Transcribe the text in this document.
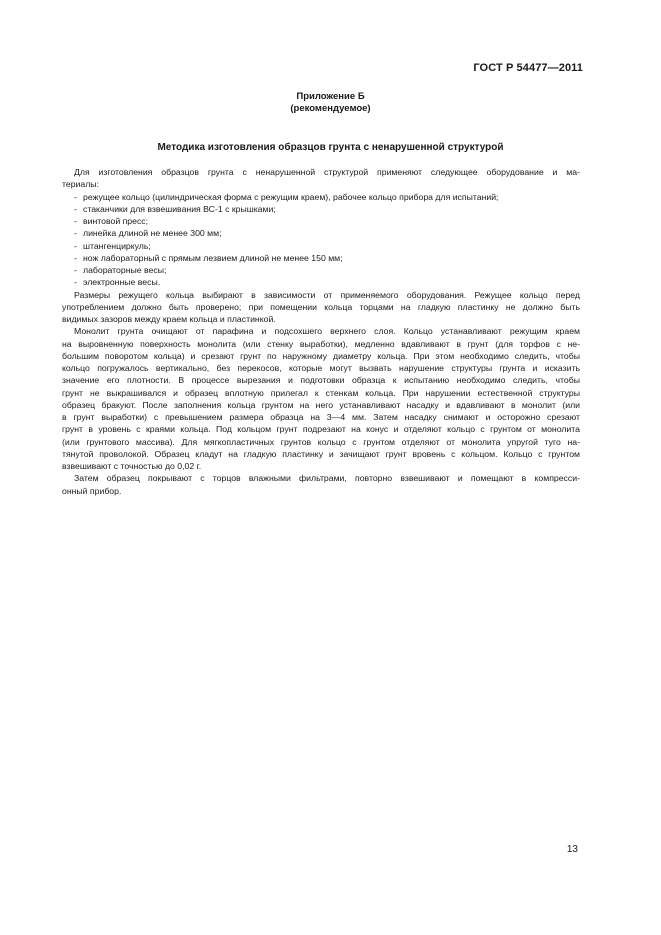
ГОСТ Р 54477—2011
Приложение Б
(рекомендуемое)
Методика изготовления образцов грунта с ненарушенной структурой
Для изготовления образцов грунта с ненарушенной структурой применяют следующее оборудование и ма-
териалы:
- режущее кольцо (цилиндрическая форма с режущим краем), рабочее кольцо прибора для испытаний;
- стаканчики для взвешивания ВС-1 с крышками;
- винтовой пресс;
- линейка длиной не менее 300 мм;
- штангенциркуль;
- нож лабораторный с прямым лезвием длиной не менее 150 мм;
- лабораторные весы;
- электронные весы.
Размеры режущего кольца выбирают в зависимости от применяемого оборудования. Режущее кольцо перед
употреблением должно быть проверено; при помещении кольца торцами на гладкую пластинку не должно быть
видимых зазоров между краем кольца и пластинкой.
Монолит грунта очищают от парафина и подсохшего верхнего слоя. Кольцо устанавливают режущим краем
на выровненную поверхность монолита (или стенку выработки), медленно вдавливают в грунт (для торфов с не-
большим поворотом кольца) и срезают грунт по наружному диаметру кольца. При этом необходимо следить, чтобы
кольцо погружалось вертикально, без перекосов, которые могут вызвать нарушение структуры грунта и исказить
значение его плотности. В процессе вырезания и подготовки образца к испытанию необходимо следить, чтобы
грунт не выкрашивался и образец вплотную прилегал к стенкам кольца. При нарушении естественной структуры
образец бракуют. После заполнения кольца грунтом на него устанавливают насадку и вдавливают в монолит (или
в грунт выработки) с превышением размера образца на 3—4 мм. Затем насадку снимают и осторожно срезают
грунт в уровень с краями кольца. Под кольцом грунт подрезают на конус и отделяют кольцо с грунтом от монолита
(или грунтового массива). Для мягкопластичных грунтов кольцо с грунтом отделяют от монолита упругой туго на-
тянутой проволокой. Образец кладут на гладкую пластинку и зачищают грунт вровень с кольцом. Кольцо с грунтом
взвешивают с точностью до 0,02 г.
Затем образец покрывают с торцов влажными фильтрами, повторно взвешивают и помещают в компресси-
онный прибор.
13
